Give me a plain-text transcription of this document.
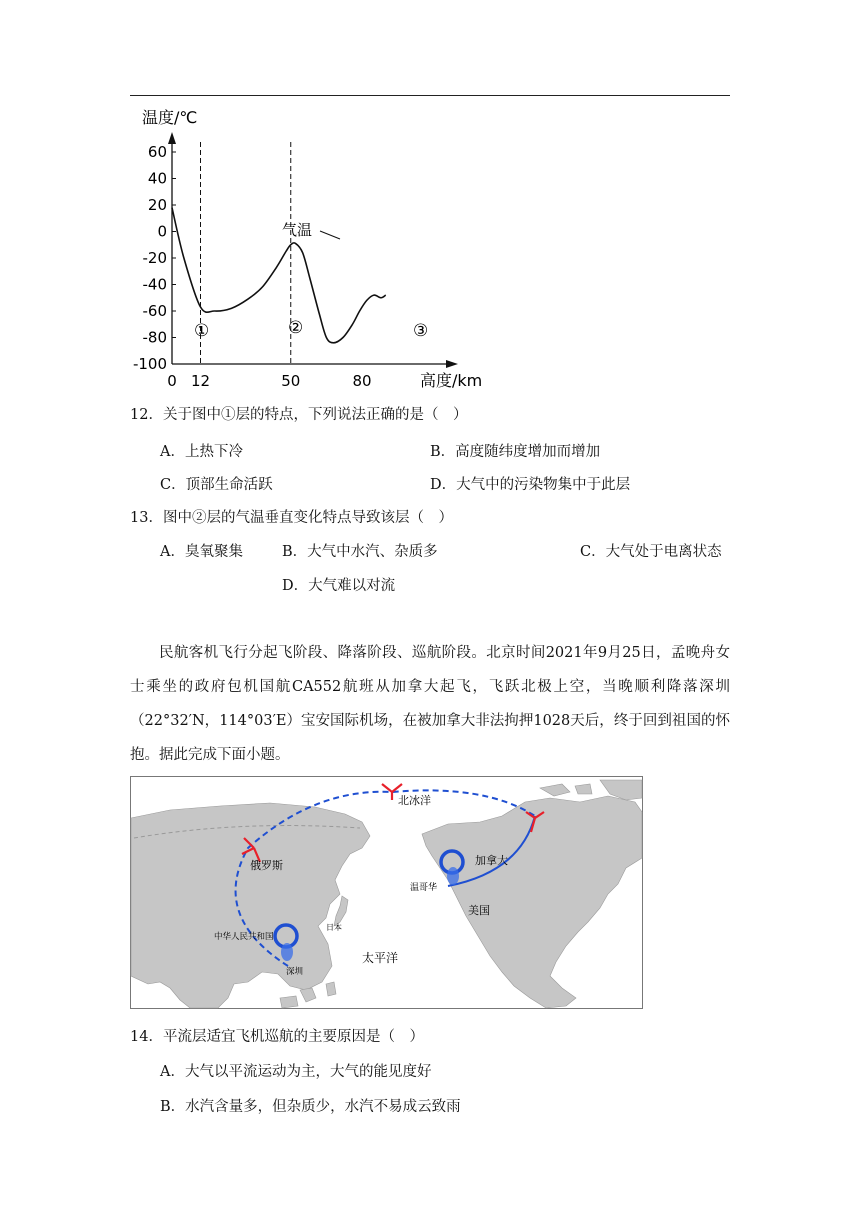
60
40
20
0
-20
-40
-60
-80
-100
0 12	50	80
气温
温度/℃
高度/km
①	②	③
12．关于图中①层的特点，下列说法正确的是（　）
A．上热下冷	B．高度随纬度增加而增加
C．顶部生命活跃	D．大气中的污染物集中于此层
13．图中②层的气温垂直变化特点导致该层（　）
A．臭氧聚集	B．大气中水汽、杂质多	C．大气处于电离状态
D．大气难以对流
民航客机飞行分起飞阶段、降落阶段、巡航阶段。北京时间2021年9月25日，孟晚舟女士乘坐的政府包机国航CA552航班从加拿大起飞，飞跃北极上空，当晚顺利降落深圳（22°32′N，114°03′E）宝安国际机场，在被加拿大非法拘押1028天后，终于回到祖国的怀抱。据此完成下面小题。
北冰洋
俄罗斯	加拿大
温哥华
美国
中华人民共和国
深圳
日本
太平洋
14．平流层适宜飞机巡航的主要原因是（　）
A．大气以平流运动为主，大气的能见度好
B．水汽含量多，但杂质少，水汽不易成云致雨
